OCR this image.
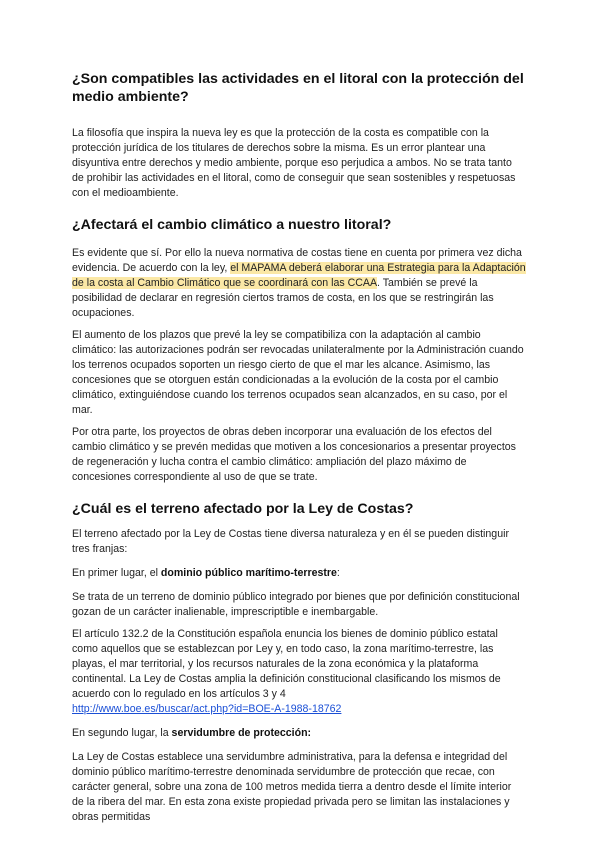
¿Son compatibles las actividades en el litoral con la protección del medio ambiente?

La filosofía que inspira la nueva ley es que la protección de la costa es compatible con la protección jurídica de los titulares de derechos sobre la misma. Es un error plantear una disyuntiva entre derechos y medio ambiente, porque eso perjudica a ambos. No se trata tanto de prohibir las actividades en el litoral, como de conseguir que sean sostenibles y respetuosas con el medioambiente.

¿Afectará el cambio climático a nuestro litoral?

Es evidente que sí. Por ello la nueva normativa de costas tiene en cuenta por primera vez dicha evidencia. De acuerdo con la ley, el MAPAMA deberá elaborar una Estrategia para la Adaptación de la costa al Cambio Climático que se coordinará con las CCAA. También se prevé la posibilidad de declarar en regresión ciertos tramos de costa, en los que se restringirán las ocupaciones.

El aumento de los plazos que prevé la ley se compatibiliza con la adaptación al cambio climático: las autorizaciones podrán ser revocadas unilateralmente por la Administración cuando los terrenos ocupados soporten un riesgo cierto de que el mar les alcance. Asimismo, las concesiones que se otorguen están condicionadas a la evolución de la costa por el cambio climático, extinguiéndose cuando los terrenos ocupados sean alcanzados, en su caso, por el mar.

Por otra parte, los proyectos de obras deben incorporar una evaluación de los efectos del cambio climático y se prevén medidas que motiven a los concesionarios a presentar proyectos de regeneración y lucha contra el cambio climático: ampliación del plazo máximo de concesiones correspondiente al uso de que se trate.

¿Cuál es el terreno afectado por la Ley de Costas?

El terreno afectado por la Ley de Costas tiene diversa naturaleza y en él se pueden distinguir tres franjas:

En primer lugar, el dominio público marítimo-terrestre:

Se trata de un terreno de dominio público integrado por bienes que por definición constitucional gozan de un carácter inalienable, imprescriptible e inembargable.

El artículo 132.2 de la Constitución española enuncia los bienes de dominio público estatal como aquellos que se establezcan por Ley y, en todo caso, la zona marítimo-terrestre, las playas, el mar territorial, y los recursos naturales de la zona económica y la plataforma continental. La Ley de Costas amplia la definición constitucional clasificando los mismos de acuerdo con lo regulado en los artículos 3 y 4
http://www.boe.es/buscar/act.php?id=BOE-A-1988-18762

En segundo lugar, la servidumbre de protección:

La Ley de Costas establece una servidumbre administrativa, para la defensa e integridad del dominio público marítimo-terrestre denominada servidumbre de protección que recae, con carácter general, sobre una zona de 100 metros medida tierra a dentro desde el límite interior de la ribera del mar. En esta zona existe propiedad privada pero se limitan las instalaciones y obras permitidas
